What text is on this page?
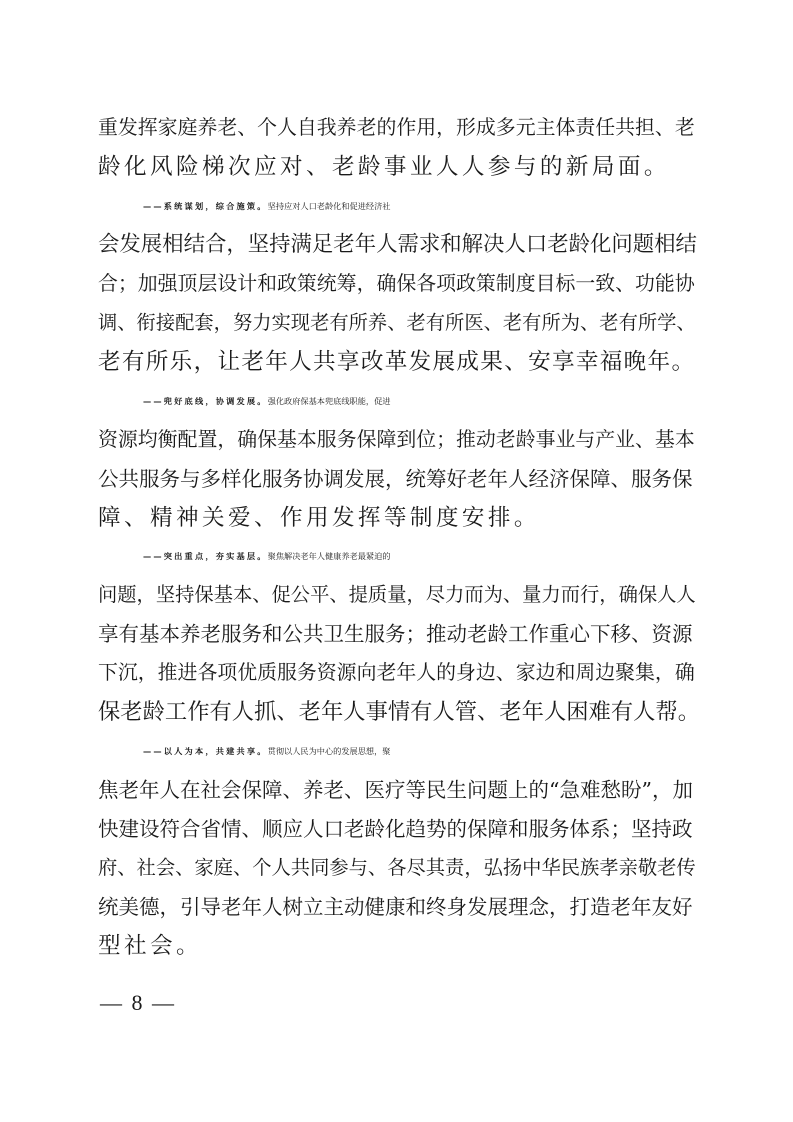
重发挥家庭养老、个人自我养老的作用，形成多元主体责任共担、老
龄化风险梯次应对、老龄事业人人参与的新局面。
——系统谋划，综合施策。坚持应对人口老龄化和促进经济社
会发展相结合，坚持满足老年人需求和解决人口老龄化问题相结
合；加强顶层设计和政策统筹，确保各项政策制度目标一致、功能协
调、衔接配套，努力实现老有所养、老有所医、老有所为、老有所学、
老有所乐，让老年人共享改革发展成果、安享幸福晚年。
——兜好底线，协调发展。强化政府保基本兜底线职能，促进
资源均衡配置，确保基本服务保障到位；推动老龄事业与产业、基本
公共服务与多样化服务协调发展，统筹好老年人经济保障、服务保
障、精神关爱、作用发挥等制度安排。
——突出重点，夯实基层。聚焦解决老年人健康养老最紧迫的
问题，坚持保基本、促公平、提质量，尽力而为、量力而行，确保人人
享有基本养老服务和公共卫生服务；推动老龄工作重心下移、资源
下沉，推进各项优质服务资源向老年人的身边、家边和周边聚集，确
保老龄工作有人抓、老年人事情有人管、老年人困难有人帮。
——以人为本，共建共享。贯彻以人民为中心的发展思想，聚
焦老年人在社会保障、养老、医疗等民生问题上的“急难愁盼”，加
快建设符合省情、顺应人口老龄化趋势的保障和服务体系；坚持政
府、社会、家庭、个人共同参与、各尽其责，弘扬中华民族孝亲敬老传
统美德，引导老年人树立主动健康和终身发展理念，打造老年友好
型社会。
— 8 —
